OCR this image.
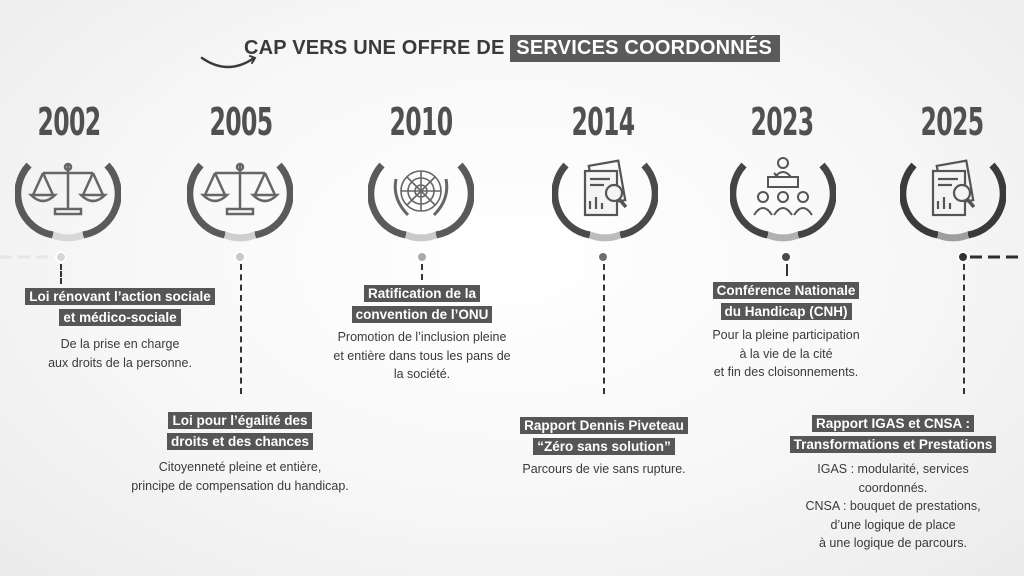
CAP VERS UNE OFFRE DE SERVICES COORDONNÉS
2002
Loi rénovant l’action sociale
et médico-sociale
De la prise en charge
aux droits de la personne.
2005
Loi pour l’égalité des
droits et des chances
Citoyenneté pleine et entière,
principe de compensation du handicap.
2010
Ratification de la
convention de l’ONU
Promotion de l’inclusion pleine
et entière dans tous les pans de
la société.
2014
Rapport Dennis Piveteau
“Zéro sans solution”
Parcours de vie sans rupture.
2023
Conférence Nationale
du Handicap (CNH)
Pour la pleine participation
à la vie de la cité
et fin des cloisonnements.
2025
Rapport IGAS et CNSA :
Transformations et Prestations
IGAS : modularité, services
coordonnés.
CNSA : bouquet de prestations,
d’une logique de place
à une logique de parcours.
